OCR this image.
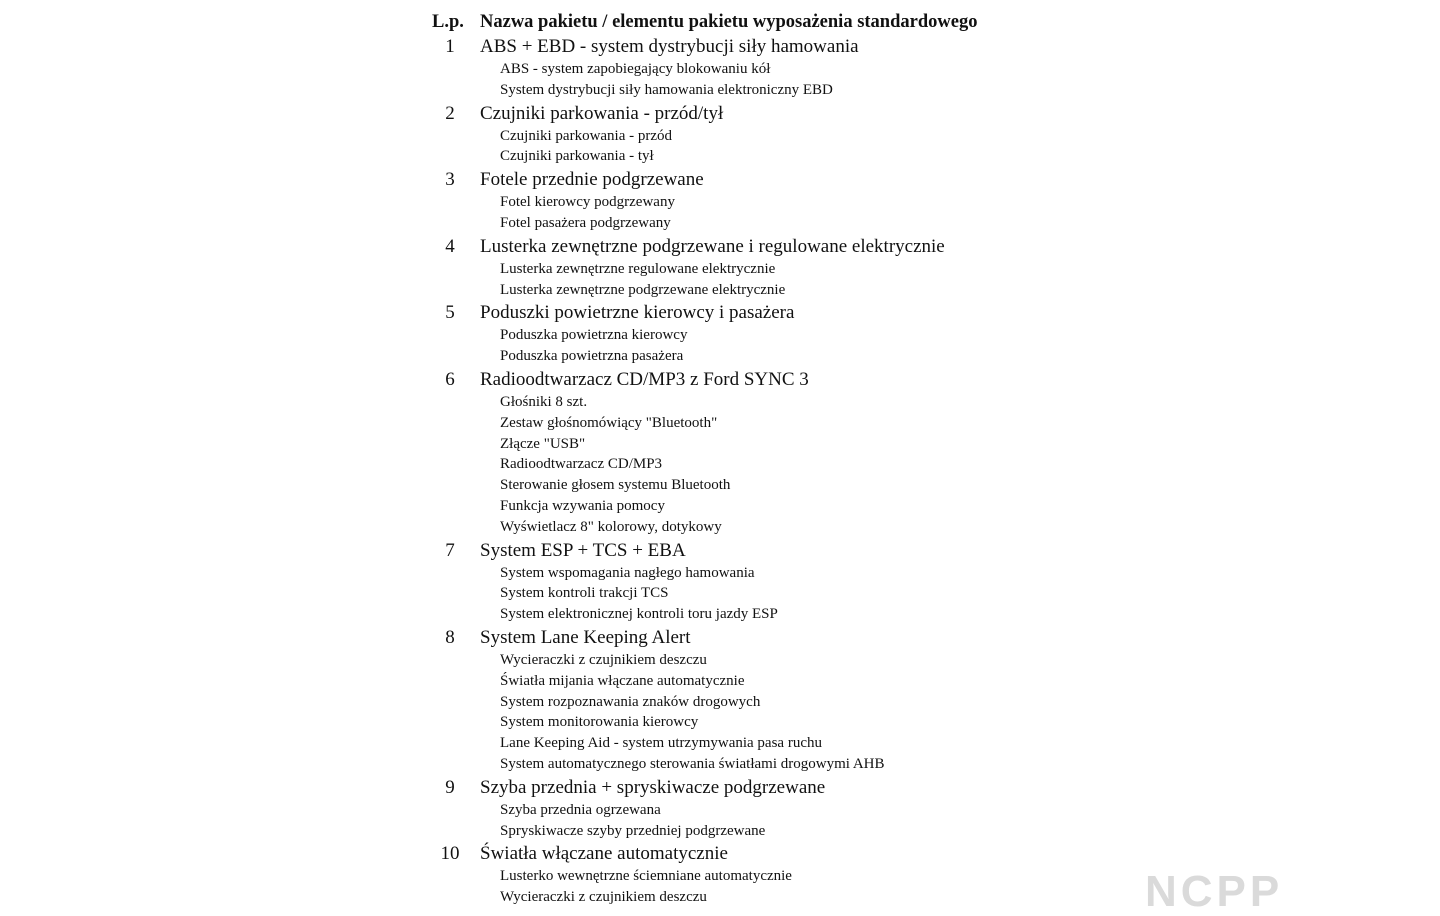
L.p. Nazwa pakietu / elementu pakietu wyposażenia standardowego
1	ABS + EBD - system dystrybucji siły hamowania
ABS - system zapobiegający blokowaniu kół
System dystrybucji siły hamowania elektroniczny EBD
2	Czujniki parkowania - przód/tył
Czujniki parkowania - przód
Czujniki parkowania - tył
3	Fotele przednie podgrzewane
Fotel kierowcy podgrzewany
Fotel pasażera podgrzewany
4	Lusterka zewnętrzne podgrzewane i regulowane elektrycznie
Lusterka zewnętrzne regulowane elektrycznie
Lusterka zewnętrzne podgrzewane elektrycznie
5	Poduszki powietrzne kierowcy i pasażera
Poduszka powietrzna kierowcy
Poduszka powietrzna pasażera
6	Radioodtwarzacz CD/MP3 z Ford SYNC 3
Głośniki 8 szt.
Zestaw głośnomówiący "Bluetooth"
Złącze "USB"
Radioodtwarzacz CD/MP3
Sterowanie głosem systemu Bluetooth
Funkcja wzywania pomocy
Wyświetlacz 8" kolorowy, dotykowy
7	System ESP + TCS + EBA
System wspomagania nagłego hamowania
System kontroli trakcji TCS
System elektronicznej kontroli toru jazdy ESP
8	System Lane Keeping Alert
Wycieraczki z czujnikiem deszczu
Światła mijania włączane automatycznie
System rozpoznawania znaków drogowych
System monitorowania kierowcy
Lane Keeping Aid - system utrzymywania pasa ruchu
System automatycznego sterowania światłami drogowymi AHB
9	Szyba przednia + spryskiwacze podgrzewane
Szyba przednia ogrzewana
Spryskiwacze szyby przedniej podgrzewane
10	Światła włączane automatycznie
Lusterko wewnętrzne ściemniane automatycznie
Wycieraczki z czujnikiem deszczu	NCPP
